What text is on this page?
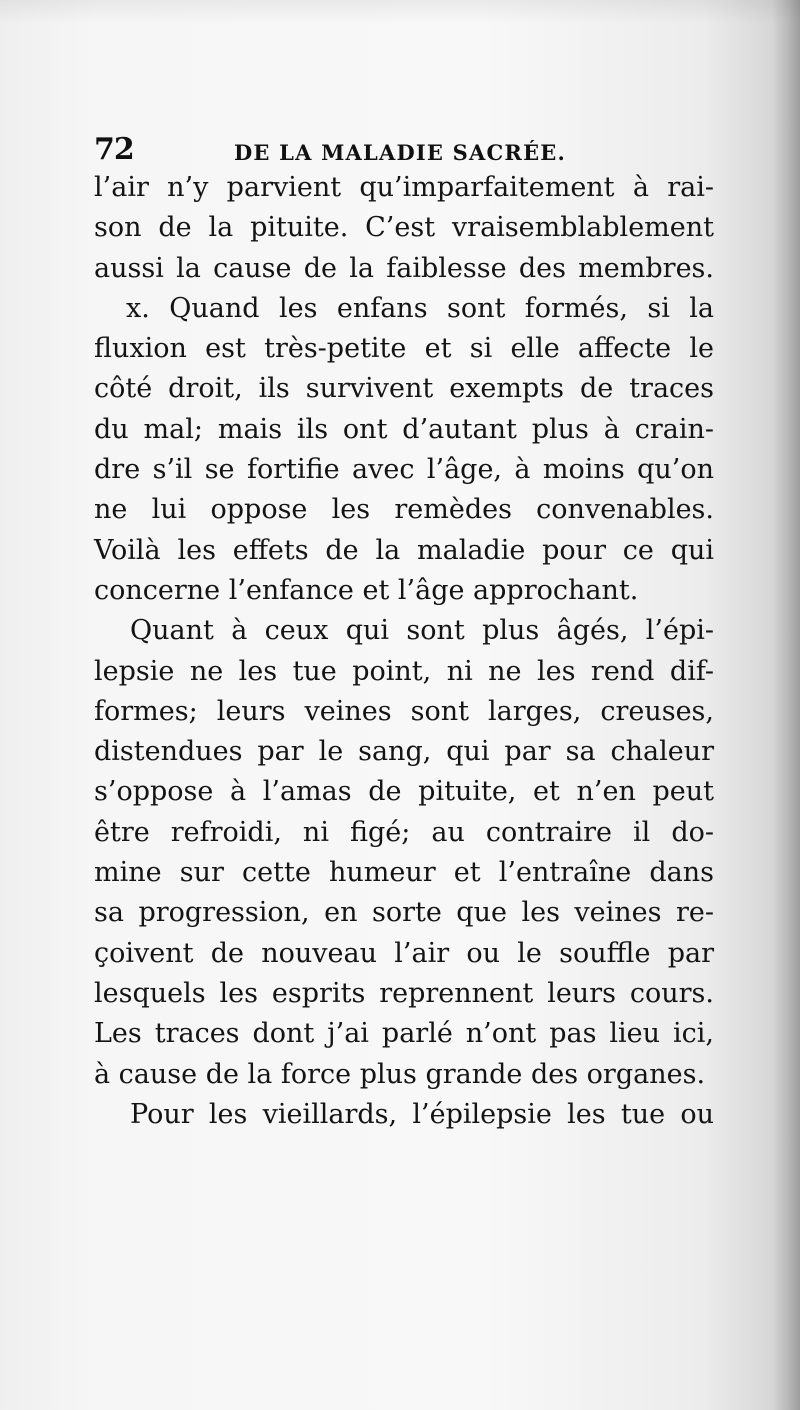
72	DE LA MALADIE SACRÉE.
l’air n’y parvient qu’imparfaitement à rai-
son de la pituite. C’est vraisemblablement
aussi la cause de la faiblesse des membres.
x. Quand les enfans sont formés, si la
fluxion est très-petite et si elle affecte le
côté droit, ils survivent exempts de traces
du mal; mais ils ont d’autant plus à crain-
dre s’il se fortifie avec l’âge, à moins qu’on
ne lui oppose les remèdes convenables.
Voilà les effets de la maladie pour ce qui
concerne l’enfance et l’âge approchant.
Quant à ceux qui sont plus âgés, l’épi-
lepsie ne les tue point, ni ne les rend dif-
formes; leurs veines sont larges, creuses,
distendues par le sang, qui par sa chaleur
s’oppose à l’amas de pituite, et n’en peut
être refroidi, ni figé; au contraire il do-
mine sur cette humeur et l’entraîne dans
sa progression, en sorte que les veines re-
çoivent de nouveau l’air ou le souffle par
lesquels les esprits reprennent leurs cours.
Les traces dont j’ai parlé n’ont pas lieu ici,
à cause de la force plus grande des organes.
Pour les vieillards, l’épilepsie les tue ou
